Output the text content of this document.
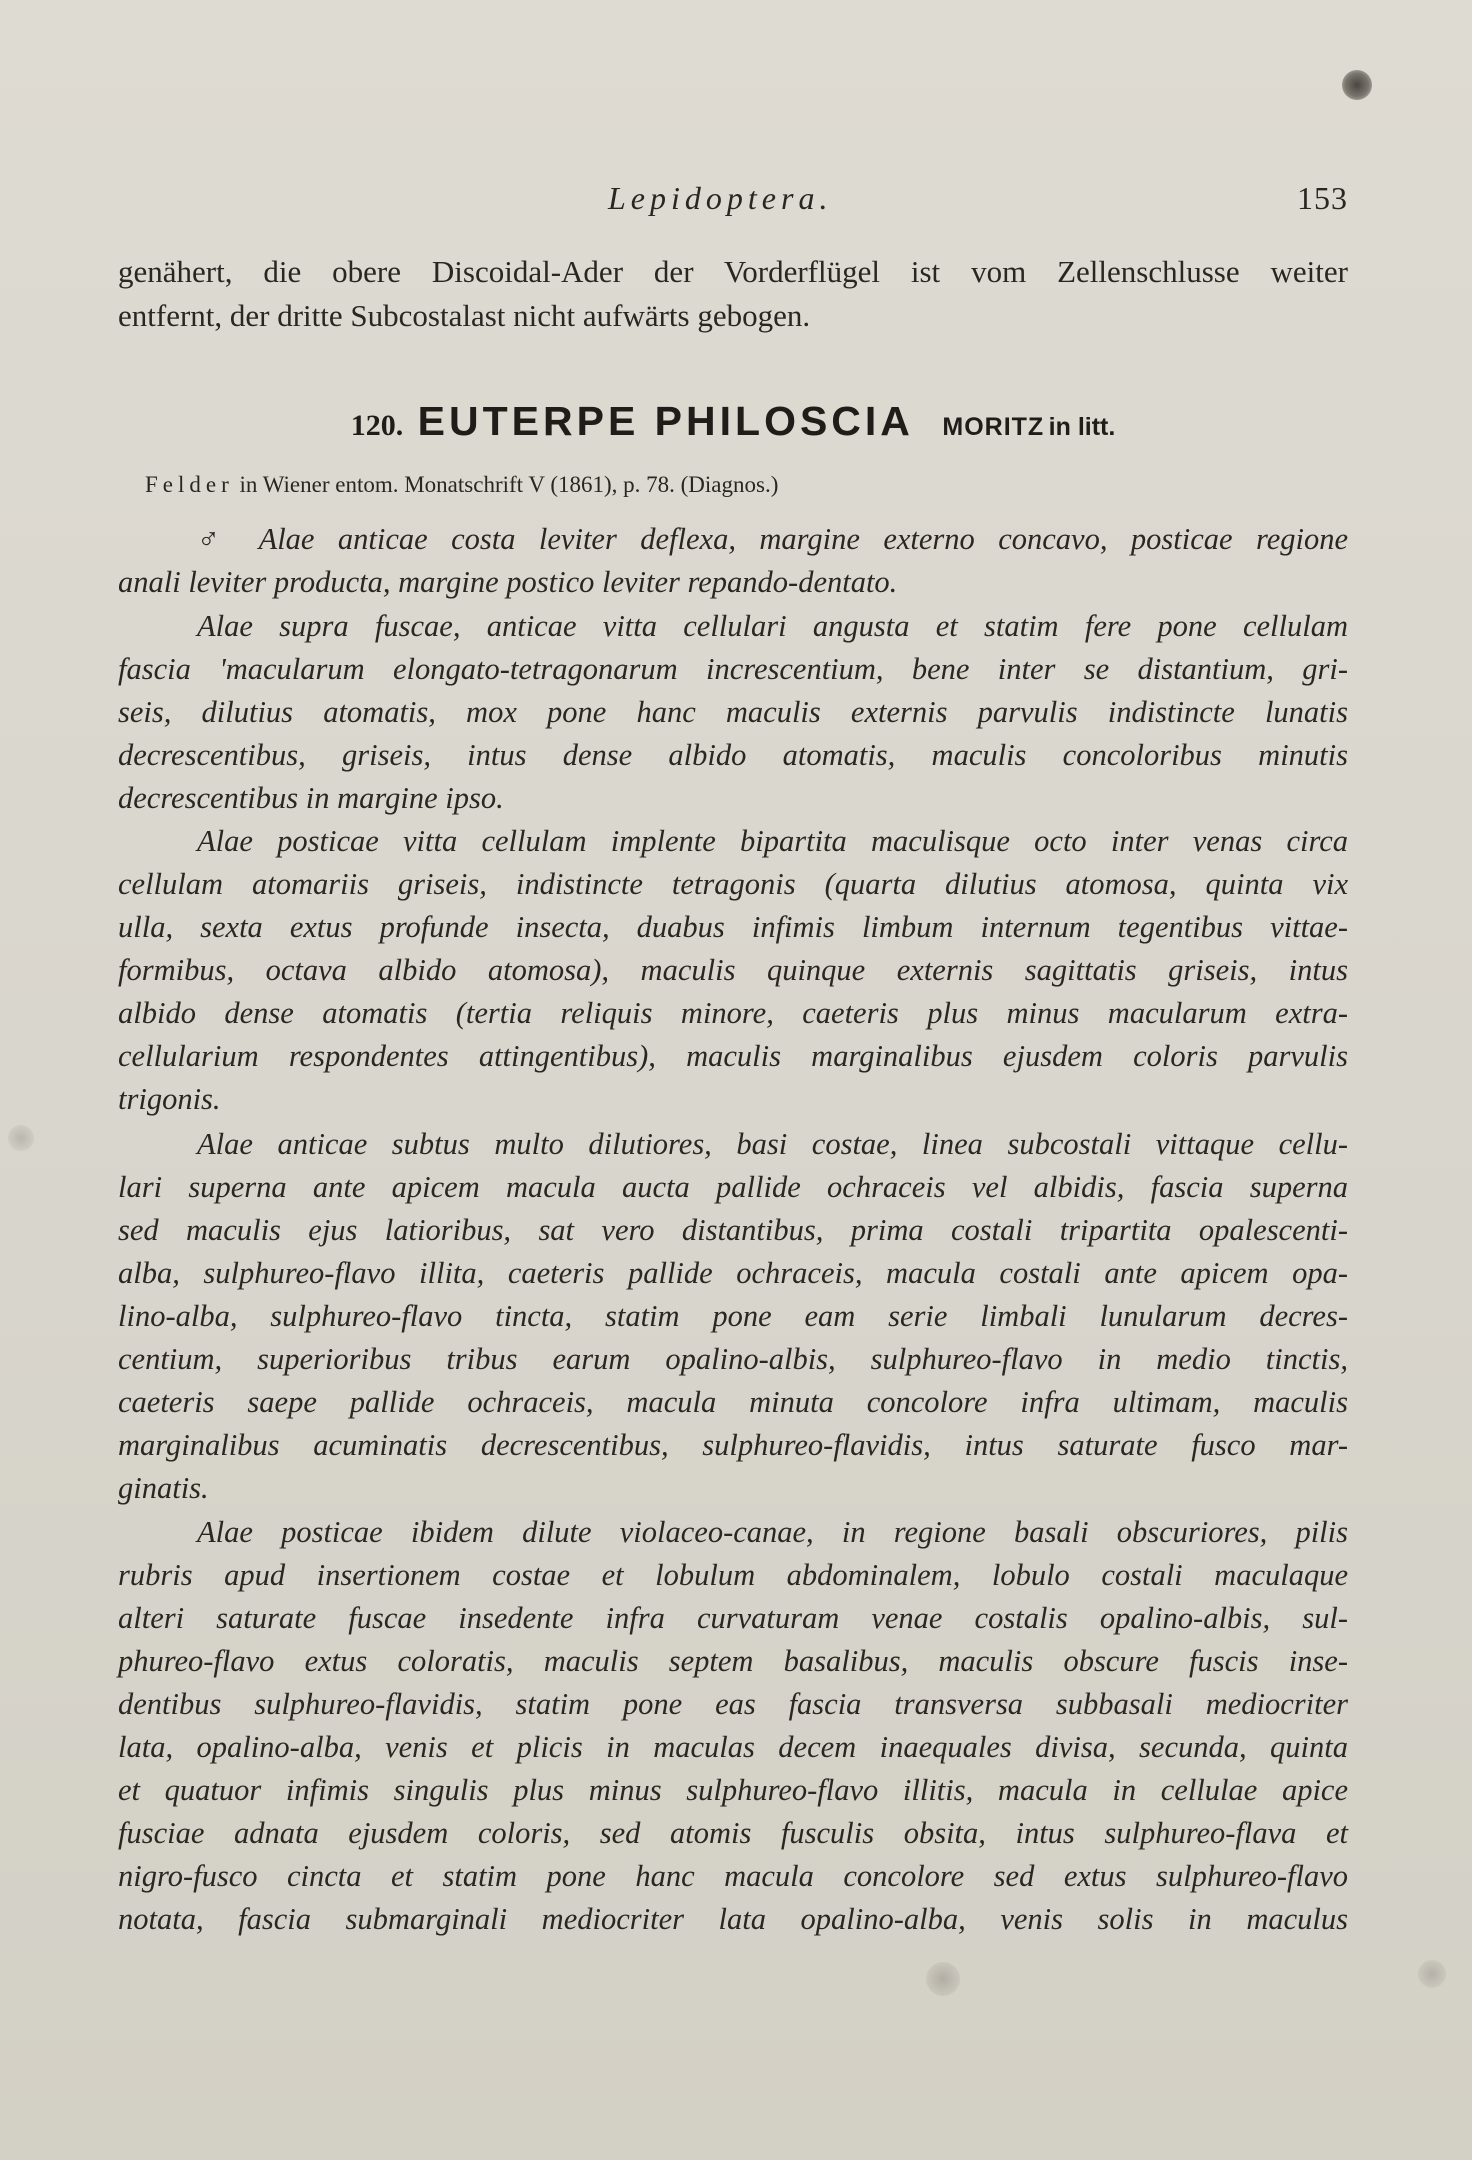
Lepidoptera.	153
genähert, die obere Discoidal-Ader der Vorderflügel ist vom Zellenschlusse weiter
entfernt, der dritte Subcostalast nicht aufwärts gebogen.
120. EUTERPE PHILOSCIA MORITZ in litt.
Felder in Wiener entom. Monatschrift V (1861), p. 78. (Diagnos.)
♂ Alae anticae costa leviter deflexa, margine externo concavo, posticae regione
anali leviter producta, margine postico leviter repando-dentato.
Alae supra fuscae, anticae vitta cellulari angusta et statim fere pone cellulam
fascia 'macularum elongato-tetragonarum increscentium, bene inter se distantium, gri-
seis, dilutius atomatis, mox pone hanc maculis externis parvulis indistincte lunatis
decrescentibus, griseis, intus dense albido atomatis, maculis concoloribus minutis
decrescentibus in margine ipso.
Alae posticae vitta cellulam implente bipartita maculisque octo inter venas circa
cellulam atomariis griseis, indistincte tetragonis (quarta dilutius atomosa, quinta vix
ulla, sexta extus profunde insecta, duabus infimis limbum internum tegentibus vittae-
formibus, octava albido atomosa), maculis quinque externis sagittatis griseis, intus
albido dense atomatis (tertia reliquis minore, caeteris plus minus macularum extra-
cellularium respondentes attingentibus), maculis marginalibus ejusdem coloris parvulis
trigonis.
Alae anticae subtus multo dilutiores, basi costae, linea subcostali vittaque cellu-
lari superna ante apicem macula aucta pallide ochraceis vel albidis, fascia superna
sed maculis ejus latioribus, sat vero distantibus, prima costali tripartita opalescenti-
alba, sulphureo-flavo illita, caeteris pallide ochraceis, macula costali ante apicem opa-
lino-alba, sulphureo-flavo tincta, statim pone eam serie limbali lunularum decres-
centium, superioribus tribus earum opalino-albis, sulphureo-flavo in medio tinctis,
caeteris saepe pallide ochraceis, macula minuta concolore infra ultimam, maculis
marginalibus acuminatis decrescentibus, sulphureo-flavidis, intus saturate fusco mar-
ginatis.
Alae posticae ibidem dilute violaceo-canae, in regione basali obscuriores, pilis
rubris apud insertionem costae et lobulum abdominalem, lobulo costali maculaque
alteri saturate fuscae insedente infra curvaturam venae costalis opalino-albis, sul-
phureo-flavo extus coloratis, maculis septem basalibus, maculis obscure fuscis inse-
dentibus sulphureo-flavidis, statim pone eas fascia transversa subbasali mediocriter
lata, opalino-alba, venis et plicis in maculas decem inaequales divisa, secunda, quinta
et quatuor infimis singulis plus minus sulphureo-flavo illitis, macula in cellulae apice
fusciae adnata ejusdem coloris, sed atomis fusculis obsita, intus sulphureo-flava et
nigro-fusco cincta et statim pone hanc macula concolore sed extus sulphureo-flavo
notata, fascia submarginali mediocriter lata opalino-alba, venis solis in maculus
